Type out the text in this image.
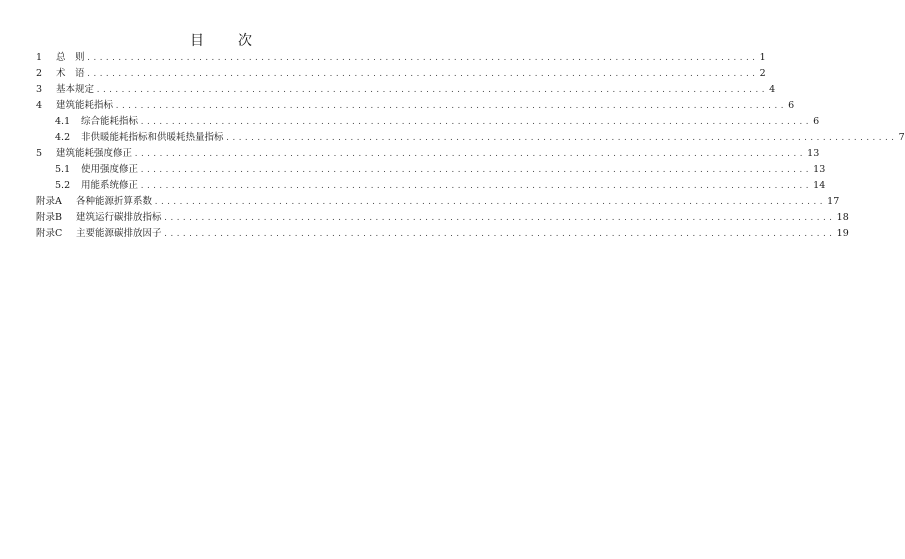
目　次
1	总　则 ............................................................................................................ 1
2	术　语 ............................................................................................................ 2
3	基本规定 ............................................................................................................ 4
4	建筑能耗指标 ............................................................................................................ 6
4.1	综合能耗指标 ............................................................................................................ 6
4.2	非供暖能耗指标和供暖耗热量指标 ............................................................................................................ 7
5	建筑能耗强度修正 ............................................................................................................ 13
5.1	使用强度修正 ............................................................................................................ 13
5.2	用能系统修正 ............................................................................................................ 14
附录A	各种能源折算系数 ............................................................................................................ 17
附录B	建筑运行碳排放指标 ............................................................................................................ 18
附录C	主要能源碳排放因子 ............................................................................................................ 19
